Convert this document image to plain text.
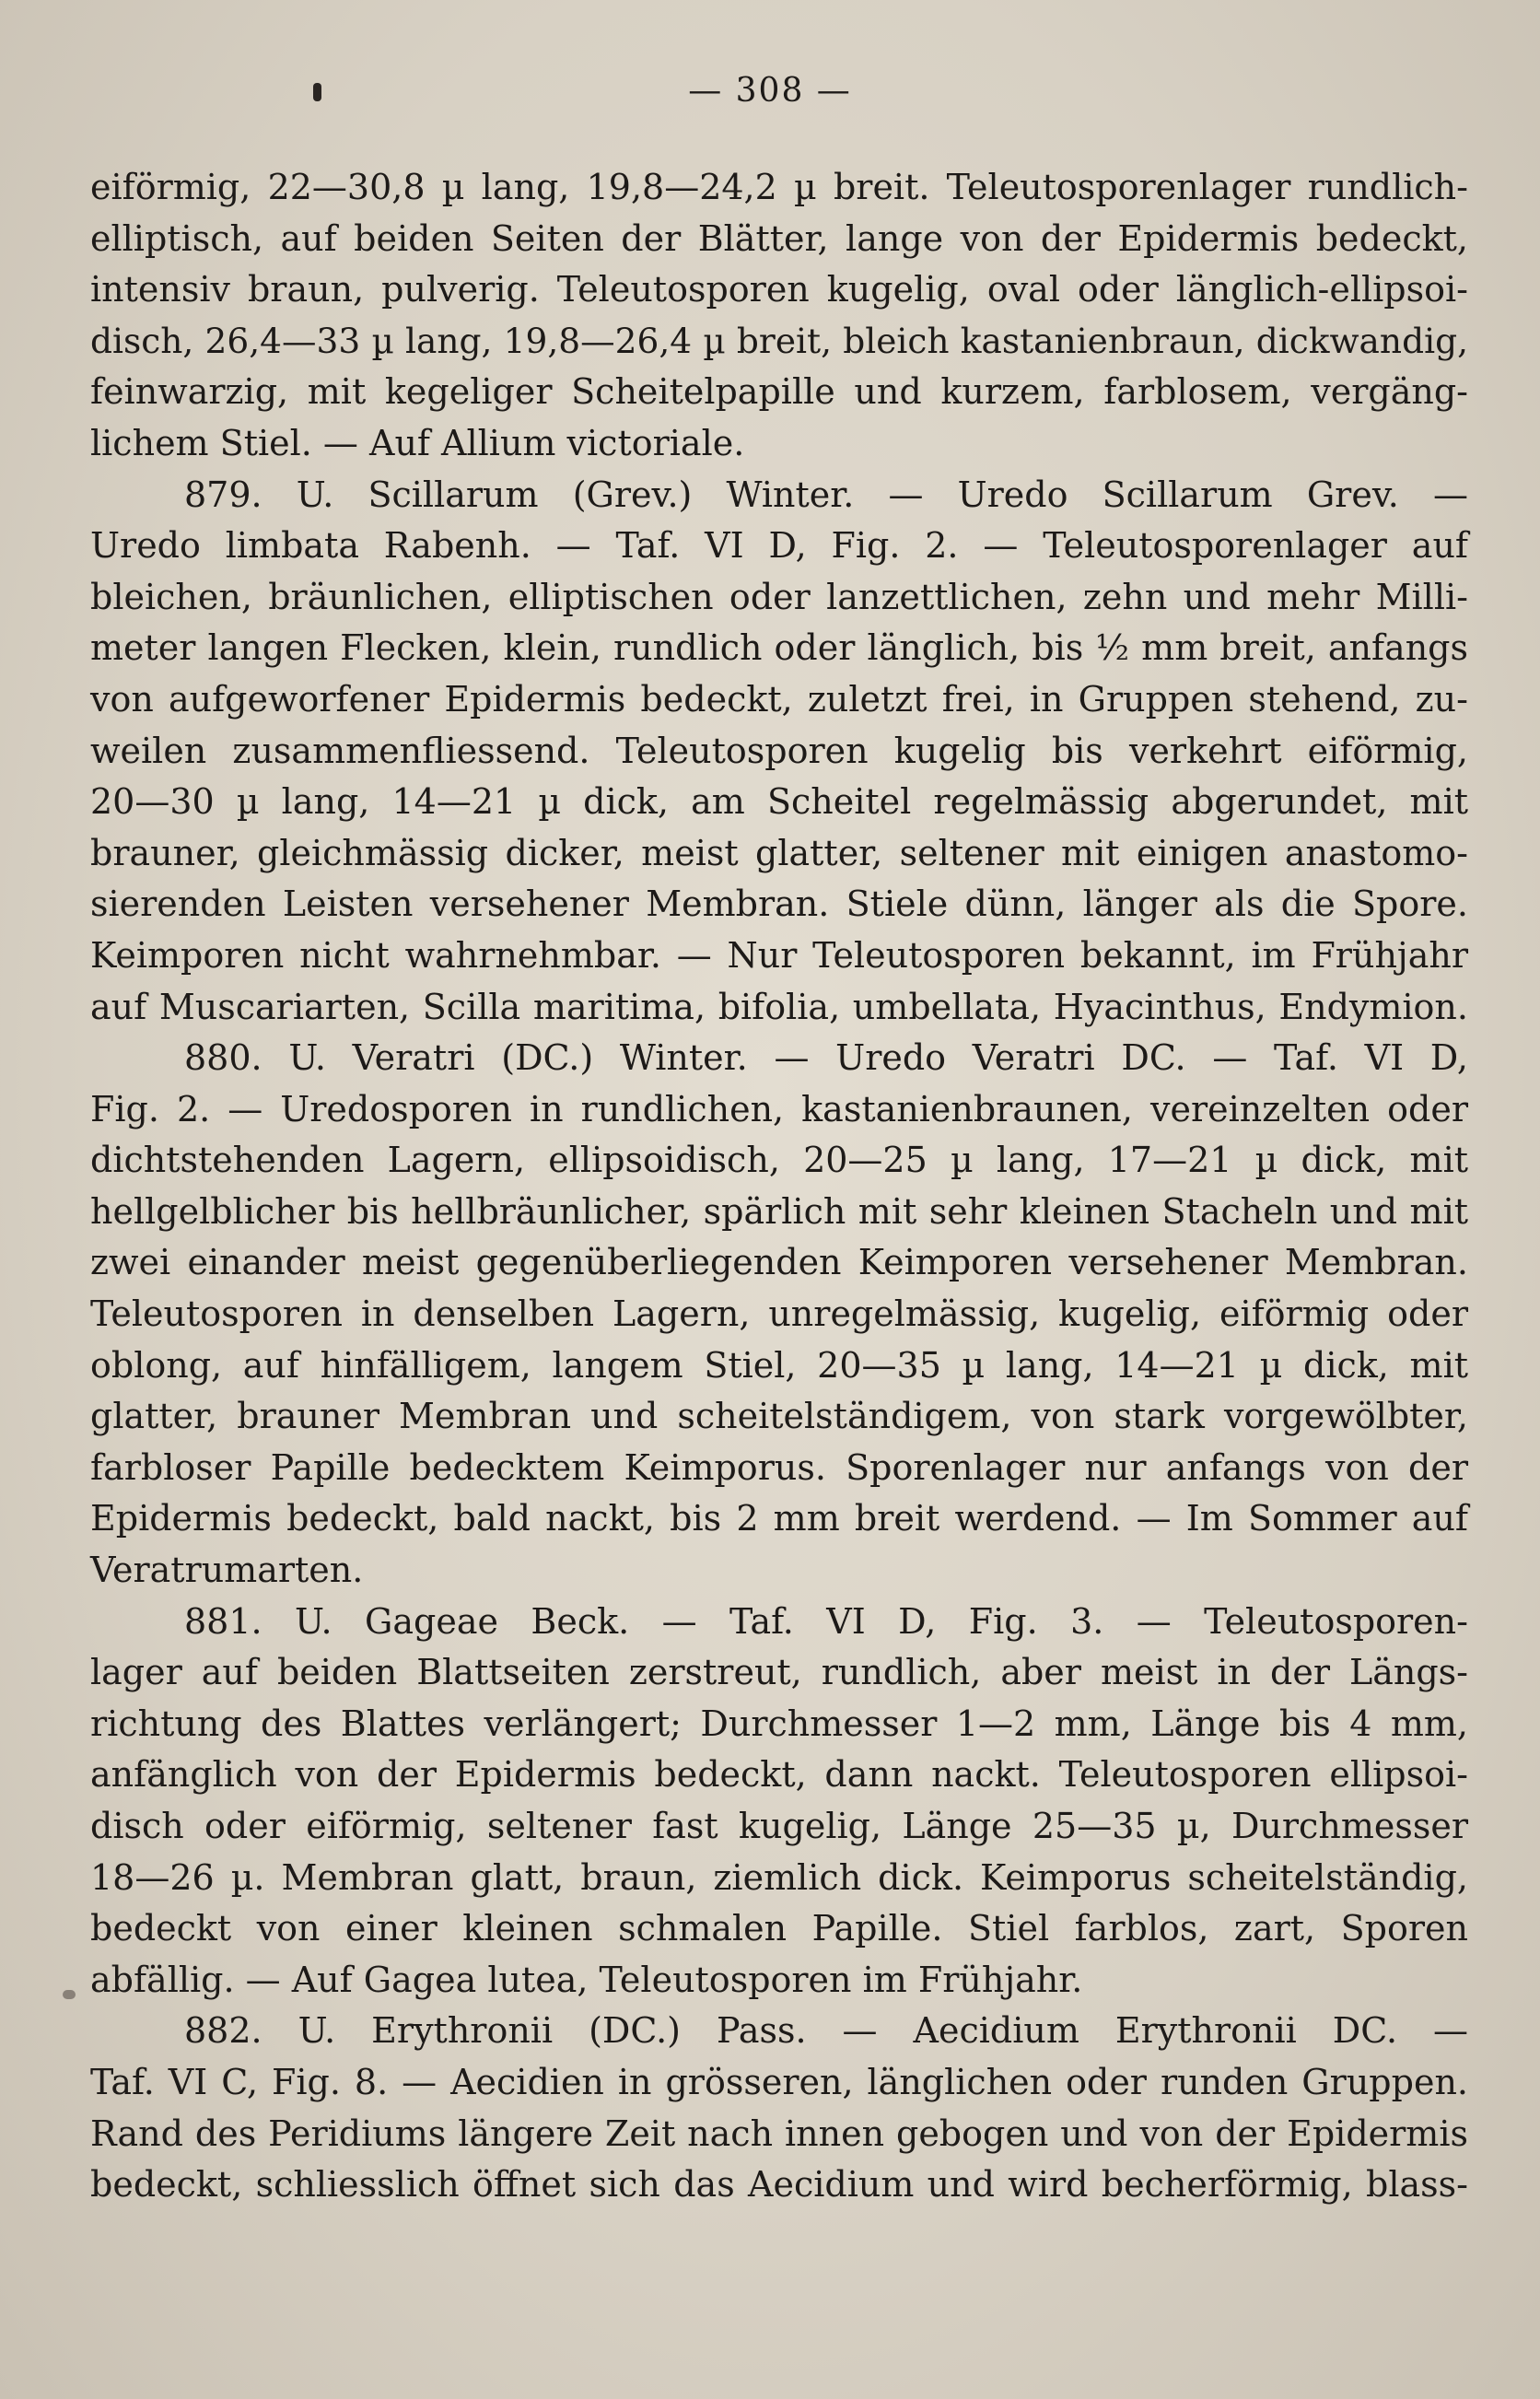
— 308 —
eiförmig, 22—30,8 µ lang, 19,8—24,2 µ breit. Teleutosporenlager rundlich-
elliptisch, auf beiden Seiten der Blätter, lange von der Epidermis bedeckt,
intensiv braun, pulverig. Teleutosporen kugelig, oval oder länglich-ellipsoi-
disch, 26,4—33 µ lang, 19,8—26,4 µ breit, bleich kastanienbraun, dickwandig,
feinwarzig, mit kegeliger Scheitelpapille und kurzem, farblosem, vergäng-
lichem Stiel. — Auf Allium victoriale.
879. U. Scillarum (Grev.) Winter. — Uredo Scillarum Grev. —
Uredo limbata Rabenh. — Taf. VI D, Fig. 2. — Teleutosporenlager auf
bleichen, bräunlichen, elliptischen oder lanzettlichen, zehn und mehr Milli-
meter langen Flecken, klein, rundlich oder länglich, bis ½ mm breit, anfangs
von aufgeworfener Epidermis bedeckt, zuletzt frei, in Gruppen stehend, zu-
weilen zusammenfliessend. Teleutosporen kugelig bis verkehrt eiförmig,
20—30 µ lang, 14—21 µ dick, am Scheitel regelmässig abgerundet, mit
brauner, gleichmässig dicker, meist glatter, seltener mit einigen anastomo-
sierenden Leisten versehener Membran. Stiele dünn, länger als die Spore.
Keimporen nicht wahrnehmbar. — Nur Teleutosporen bekannt, im Frühjahr
auf Muscariarten, Scilla maritima, bifolia, umbellata, Hyacinthus, Endymion.
880. U. Veratri (DC.) Winter. — Uredo Veratri DC. — Taf. VI D,
Fig. 2. — Uredosporen in rundlichen, kastanienbraunen, vereinzelten oder
dichtstehenden Lagern, ellipsoidisch, 20—25 µ lang, 17—21 µ dick, mit
hellgelblicher bis hellbräunlicher, spärlich mit sehr kleinen Stacheln und mit
zwei einander meist gegenüberliegenden Keimporen versehener Membran.
Teleutosporen in denselben Lagern, unregelmässig, kugelig, eiförmig oder
oblong, auf hinfälligem, langem Stiel, 20—35 µ lang, 14—21 µ dick, mit
glatter, brauner Membran und scheitelständigem, von stark vorgewölbter,
farbloser Papille bedecktem Keimporus. Sporenlager nur anfangs von der
Epidermis bedeckt, bald nackt, bis 2 mm breit werdend. — Im Sommer auf
Veratrumarten.
881. U. Gageae Beck. — Taf. VI D, Fig. 3. — Teleutosporen-
lager auf beiden Blattseiten zerstreut, rundlich, aber meist in der Längs-
richtung des Blattes verlängert; Durchmesser 1—2 mm, Länge bis 4 mm,
anfänglich von der Epidermis bedeckt, dann nackt. Teleutosporen ellipsoi-
disch oder eiförmig, seltener fast kugelig, Länge 25—35 µ, Durchmesser
18—26 µ. Membran glatt, braun, ziemlich dick. Keimporus scheitelständig,
bedeckt von einer kleinen schmalen Papille. Stiel farblos, zart, Sporen
abfällig. — Auf Gagea lutea, Teleutosporen im Frühjahr.
882. U. Erythronii (DC.) Pass. — Aecidium Erythronii DC. —
Taf. VI C, Fig. 8. — Aecidien in grösseren, länglichen oder runden Gruppen.
Rand des Peridiums längere Zeit nach innen gebogen und von der Epidermis
bedeckt, schliesslich öffnet sich das Aecidium und wird becherförmig, blass-
